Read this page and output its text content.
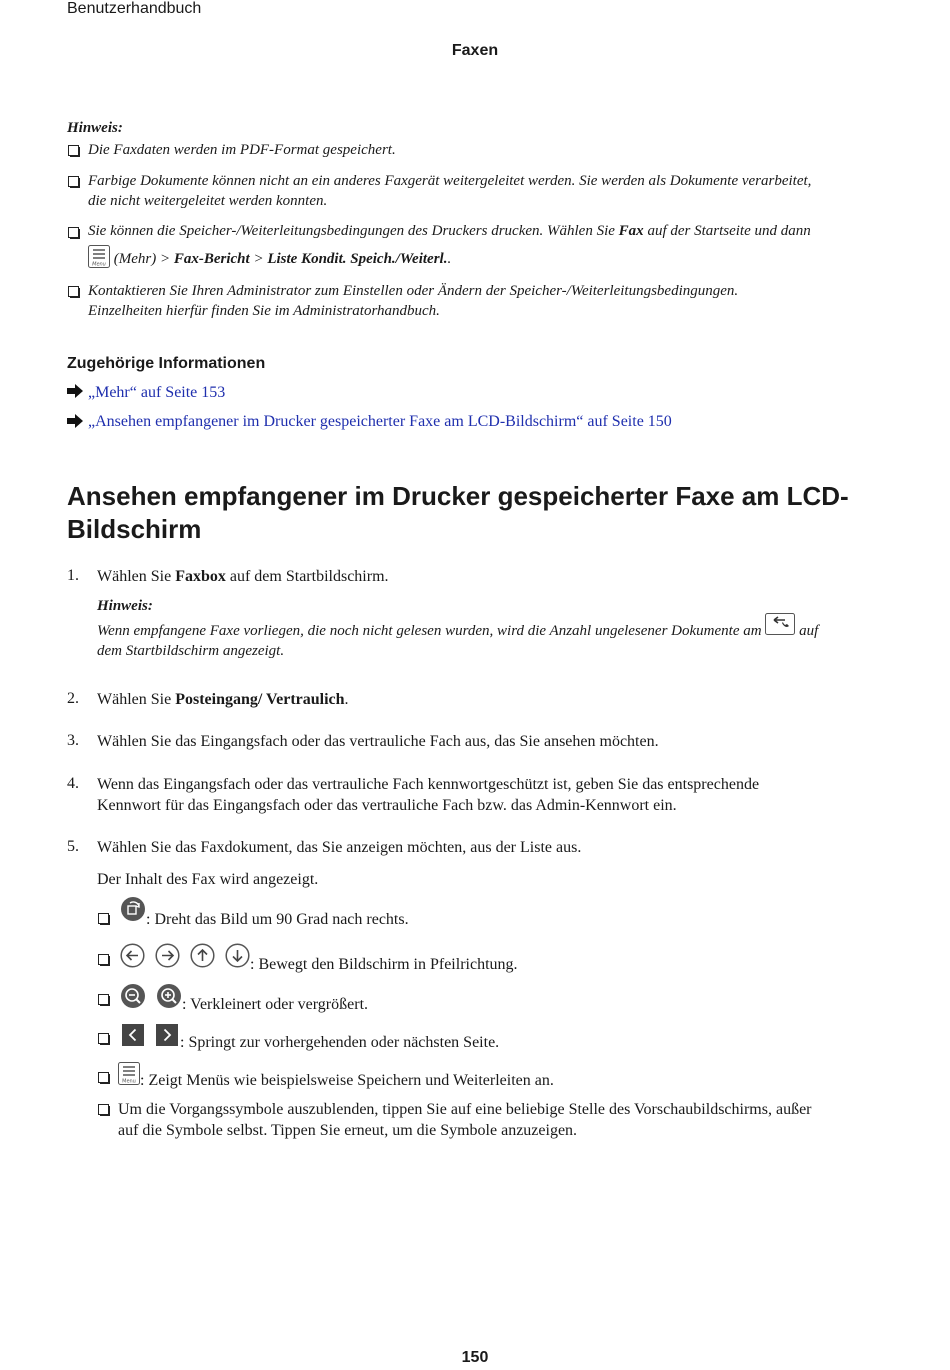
Benutzerhandbuch
Faxen
Hinweis:
Die Faxdaten werden im PDF-Format gespeichert.
Farbige Dokumente können nicht an ein anderes Faxgerät weitergeleitet werden. Sie werden als Dokumente verarbeitet,
die nicht weitergeleitet werden konnten.
Sie können die Speicher-/Weiterleitungsbedingungen des Druckers drucken. Wählen Sie Fax auf der Startseite und dann
Menu (Mehr) > Fax-Bericht > Liste Kondit. Speich./Weiterl..
Kontaktieren Sie Ihren Administrator zum Einstellen oder Ändern der Speicher-/Weiterleitungsbedingungen.
Einzelheiten hierfür finden Sie im Administratorhandbuch.
Zugehörige Informationen
„Mehr“ auf Seite 153
„Ansehen empfangener im Drucker gespeicherter Faxe am LCD-Bildschirm“ auf Seite 150
Ansehen empfangener im Drucker gespeicherter Faxe am LCD-
Bildschirm
1. Wählen Sie Faxbox auf dem Startbildschirm.
Hinweis:
Wenn empfangene Faxe vorliegen, die noch nicht gelesen wurden, wird die Anzahl ungelesener Dokumente am	auf
dem Startbildschirm angezeigt.
2. Wählen Sie Posteingang/ Vertraulich.
3. Wählen Sie das Eingangsfach oder das vertrauliche Fach aus, das Sie ansehen möchten.
4. Wenn das Eingangsfach oder das vertrauliche Fach kennwortgeschützt ist, geben Sie das entsprechende
Kennwort für das Eingangsfach oder das vertrauliche Fach bzw. das Admin-Kennwort ein.
5. Wählen Sie das Faxdokument, das Sie anzeigen möchten, aus der Liste aus.
Der Inhalt des Fax wird angezeigt.
: Dreht das Bild um 90 Grad nach rechts.
: Bewegt den Bildschirm in Pfeilrichtung.
: Verkleinert oder vergrößert.
: Springt zur vorhergehenden oder nächsten Seite.
Menu : Zeigt Menüs wie beispielsweise Speichern und Weiterleiten an.
Um die Vorgangssymbole auszublenden, tippen Sie auf eine beliebige Stelle des Vorschaubildschirms, außer
auf die Symbole selbst. Tippen Sie erneut, um die Symbole anzuzeigen.
150
